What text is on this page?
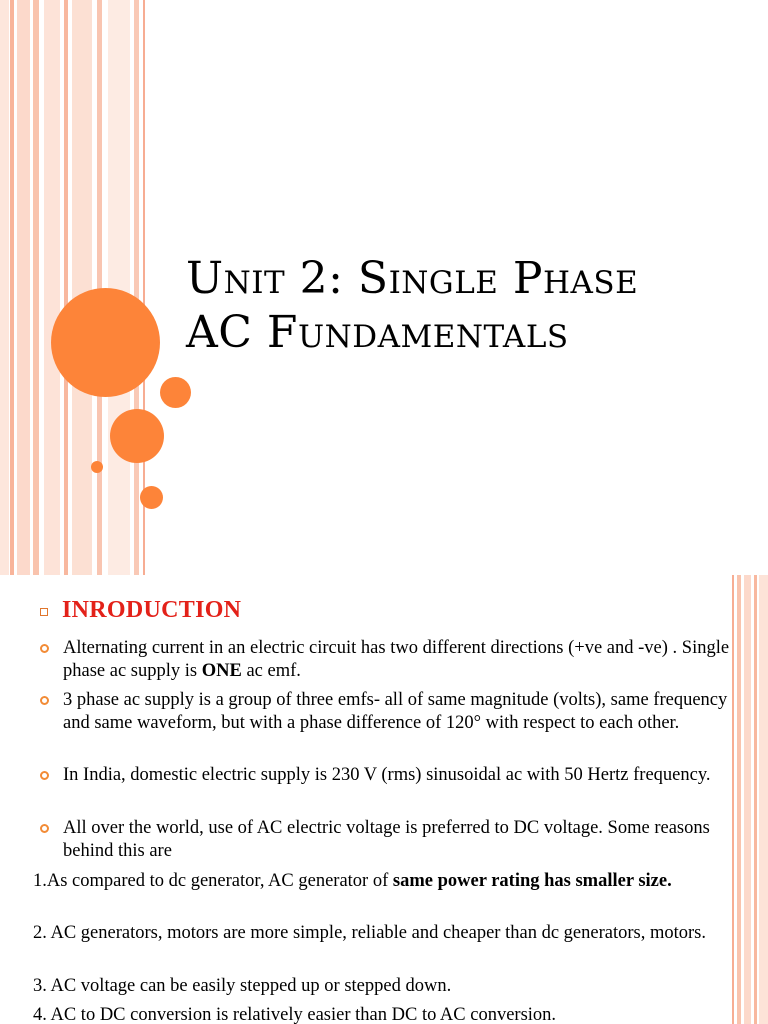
Unit 2: Single Phase
AC Fundamentals
INRODUCTION
Alternating current in an electric circuit has two different directions (+ve and -ve) . Single phase ac supply is ONE ac emf.
3 phase ac supply is a group of three emfs- all of same magnitude (volts), same frequency and same waveform, but with a phase difference of 120° with respect to each other.
In India, domestic electric supply is 230 V (rms) sinusoidal ac with 50 Hertz frequency.
All over the world, use of AC electric voltage is preferred to DC voltage. Some reasons behind this are
1.As compared to dc generator, AC generator of same power rating has smaller size.
2. AC generators, motors are more simple, reliable and cheaper than dc generators, motors.
3. AC voltage can be easily stepped up or stepped down.
4. AC to DC conversion is relatively easier than DC to AC conversion.
